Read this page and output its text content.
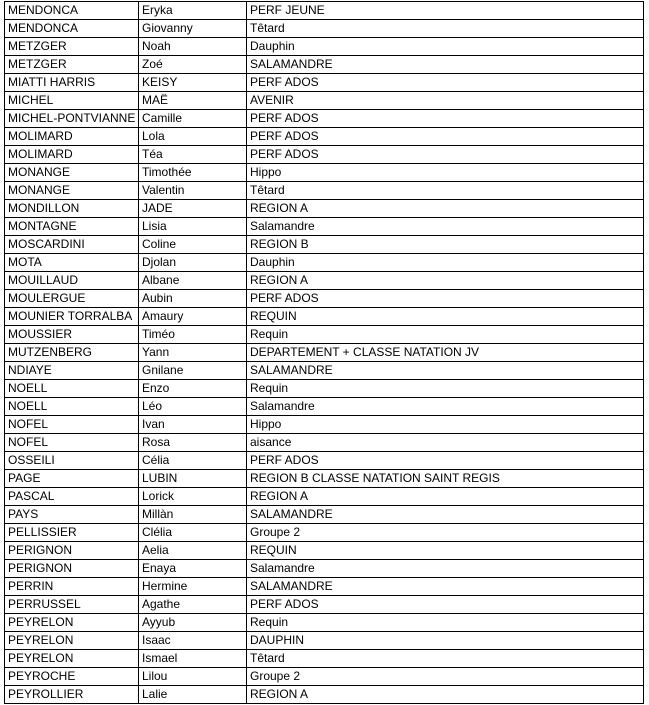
MENDONCA	Eryka	PERF JEUNE
MENDONCA	Giovanny	Têtard
METZGER	Noah	Dauphin
METZGER	Zoé	SALAMANDRE
MIATTI HARRIS	KEISY	PERF ADOS
MICHEL	MAË	AVENIR
MICHEL-PONTVIANNE	Camille	PERF ADOS
MOLIMARD	Lola	PERF ADOS
MOLIMARD	Téa	PERF ADOS
MONANGE	Timothée	Hippo
MONANGE	Valentin	Têtard
MONDILLON	JADE	REGION A
MONTAGNE	Lisia	Salamandre
MOSCARDINI	Coline	REGION B
MOTA	Djolan	Dauphin
MOUILLAUD	Albane	REGION A
MOULERGUE	Aubin	PERF ADOS
MOUNIER TORRALBA	Amaury	REQUIN
MOUSSIER	Timéo	Requin
MUTZENBERG	Yann	DEPARTEMENT + CLASSE NATATION JV
NDIAYE	Gnilane	SALAMANDRE
NOELL	Enzo	Requin
NOELL	Léo	Salamandre
NOFEL	Ivan	Hippo
NOFEL	Rosa	aisance
OSSEILI	Célia	PERF ADOS
PAGE	LUBIN	REGION B CLASSE NATATION SAINT REGIS
PASCAL	Lorick	REGION A
PAYS	Millàn	SALAMANDRE
PELLISSIER	Clélia	Groupe 2
PERIGNON	Aelia	REQUIN
PERIGNON	Enaya	Salamandre
PERRIN	Hermine	SALAMANDRE
PERRUSSEL	Agathe	PERF ADOS
PEYRELON	Ayyub	Requin
PEYRELON	Isaac	DAUPHIN
PEYRELON	Ismael	Têtard
PEYROCHE	Lilou	Groupe 2
PEYROLLIER	Lalie	REGION A
